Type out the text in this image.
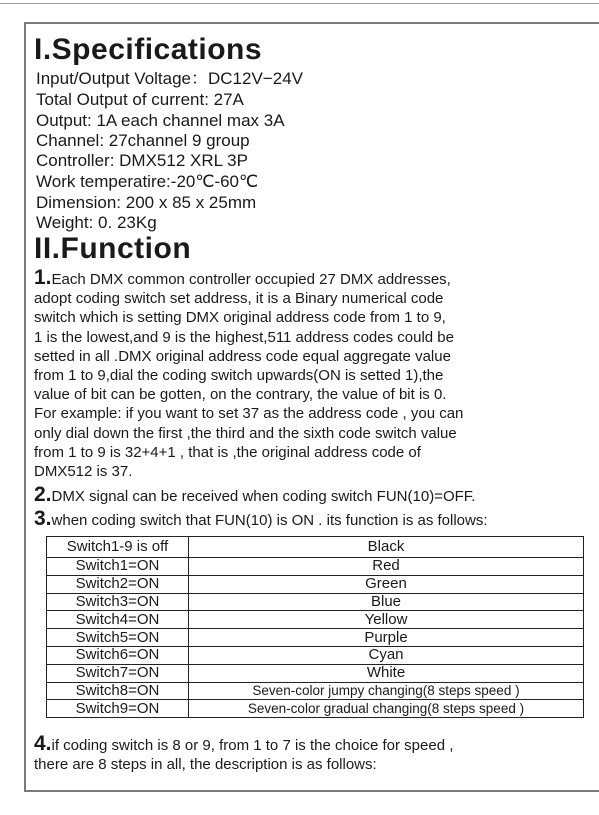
I.Specifications
Input/Output Voltage：DC12V−24V
Total Output of current: 27A
Output: 1A each channel max 3A
Channel: 27channel 9 group
Controller: DMX512 XRL 3P
Work temperatire:-20℃-60℃
Dimension: 200 x 85 x 25mm
Weight: 0. 23Kg
II.Function
1.Each DMX common controller occupied 27 DMX addresses,
adopt coding switch set address, it is a Binary numerical code
switch which is setting DMX original address code from 1 to 9,
1 is the lowest,and 9 is the highest,511 address codes could be
setted in all .DMX original address code equal aggregate value
from 1 to 9,dial the coding switch upwards(ON is setted 1),the
value of bit can be gotten, on the contrary, the value of bit is 0.
For example: if you want to set 37 as the address code , you can
only dial down the first ,the third and the sixth code switch value
from 1 to 9 is 32+4+1 , that is ,the original address code of
DMX512 is 37.
2.DMX signal can be received when coding switch FUN(10)=OFF.
3.when coding switch that FUN(10) is ON . its function is as follows:
Switch1-9 is off	Black
Switch1=ON	Red
Switch2=ON	Green
Switch3=ON	Blue
Switch4=ON	Yellow
Switch5=ON	Purple
Switch6=ON	Cyan
Switch7=ON	White
Switch8=ON	Seven-color jumpy changing(8 steps speed )
Switch9=ON	Seven-color gradual changing(8 steps speed )
4.if coding switch is 8 or 9, from 1 to 7 is the choice for speed ,
there are 8 steps in all, the description is as follows:
